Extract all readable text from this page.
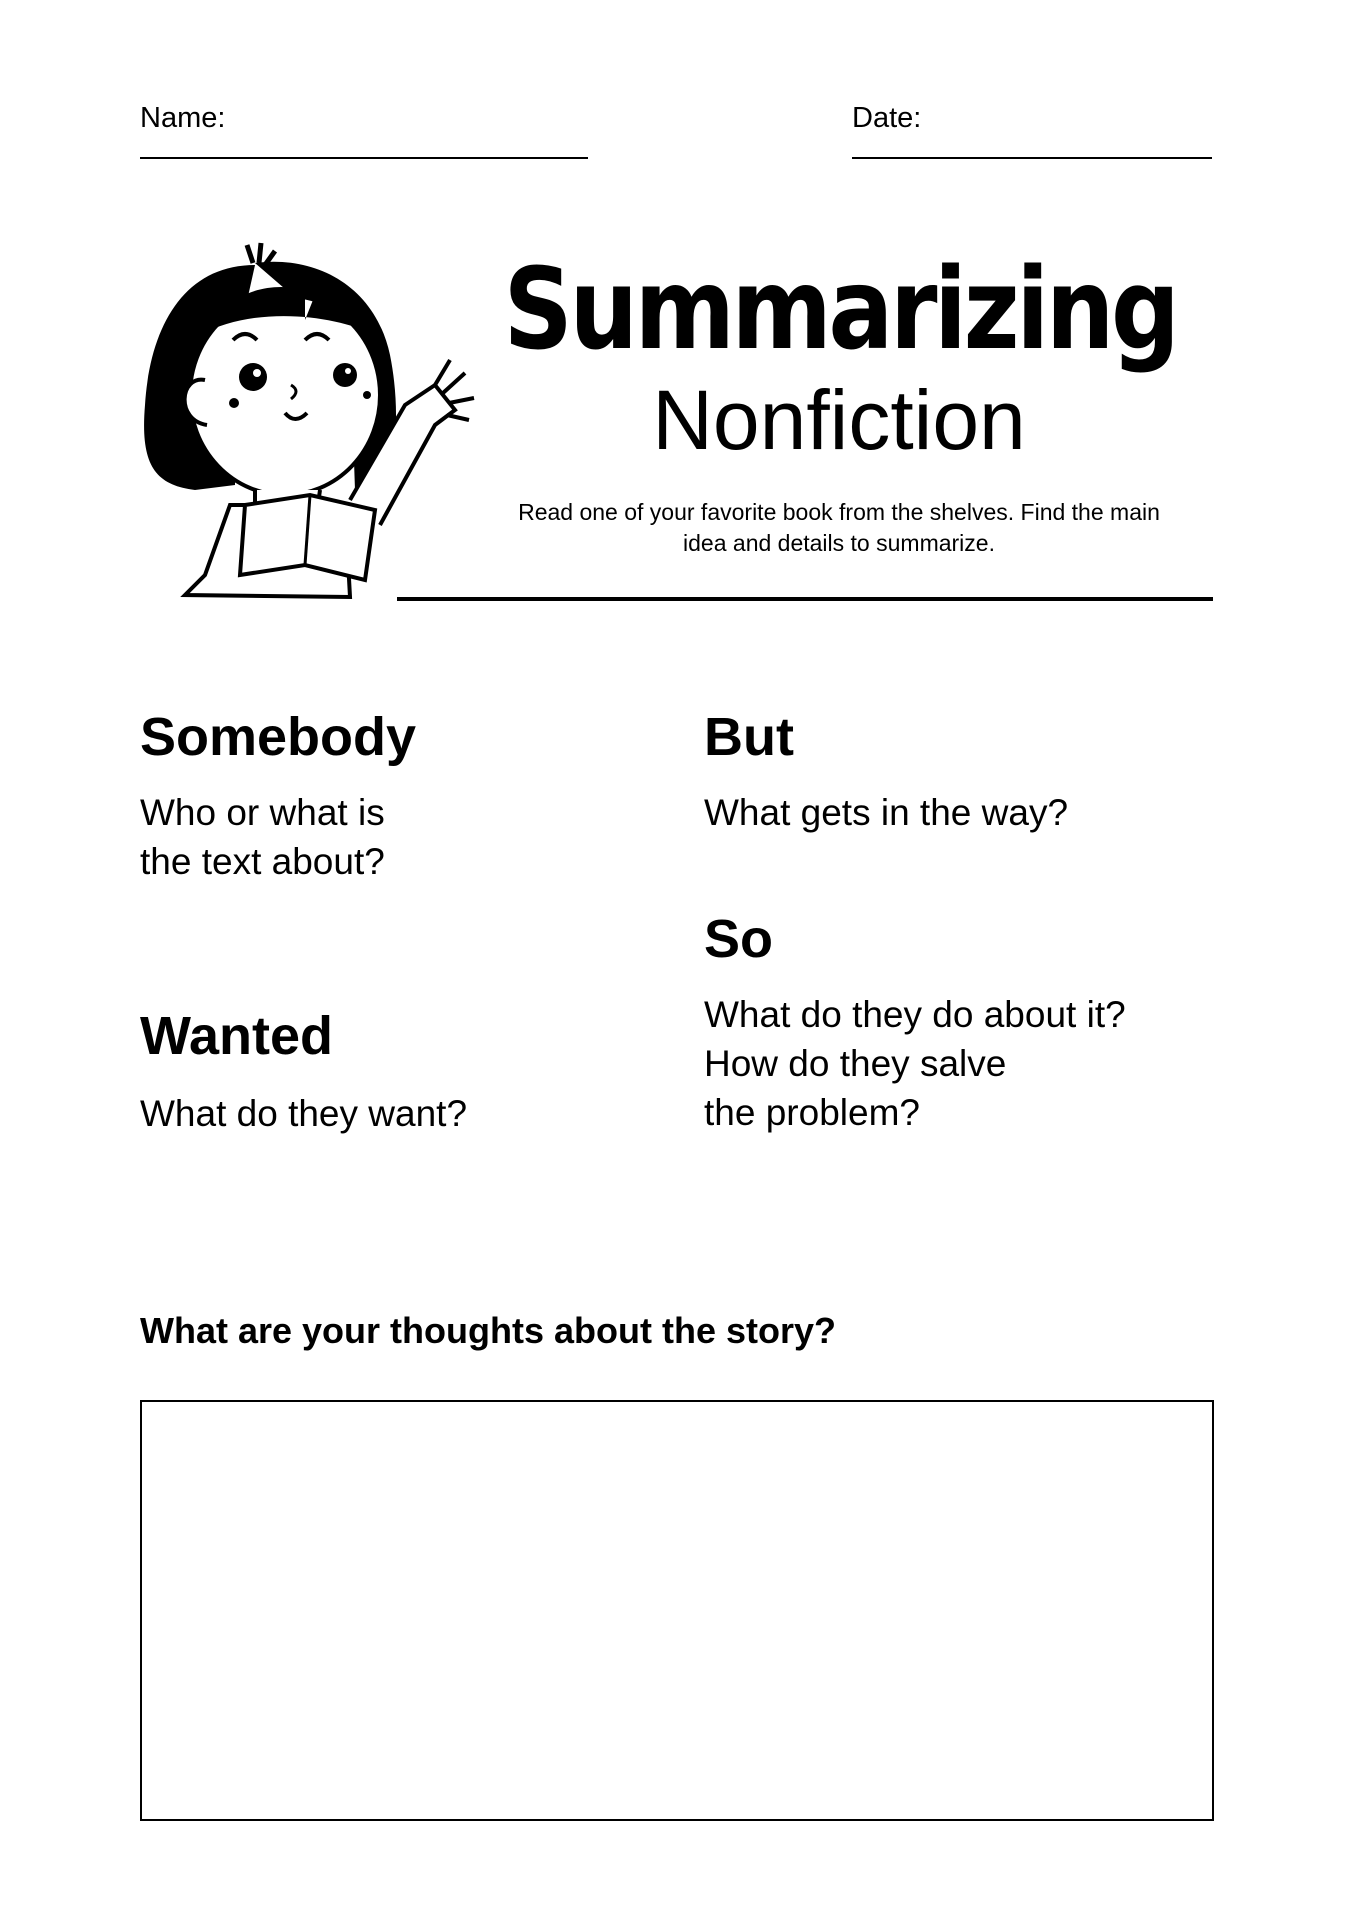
Name:	Date:
Summarizing
Nonfiction
Read one of your favorite book from the shelves. Find the main
idea and details to summarize.
Somebody
Who or what is
the text about?
But
What gets in the way?
So
What do they do about it?
How do they salve
the problem?
Wanted
What do they want?
What are your thoughts about the story?
